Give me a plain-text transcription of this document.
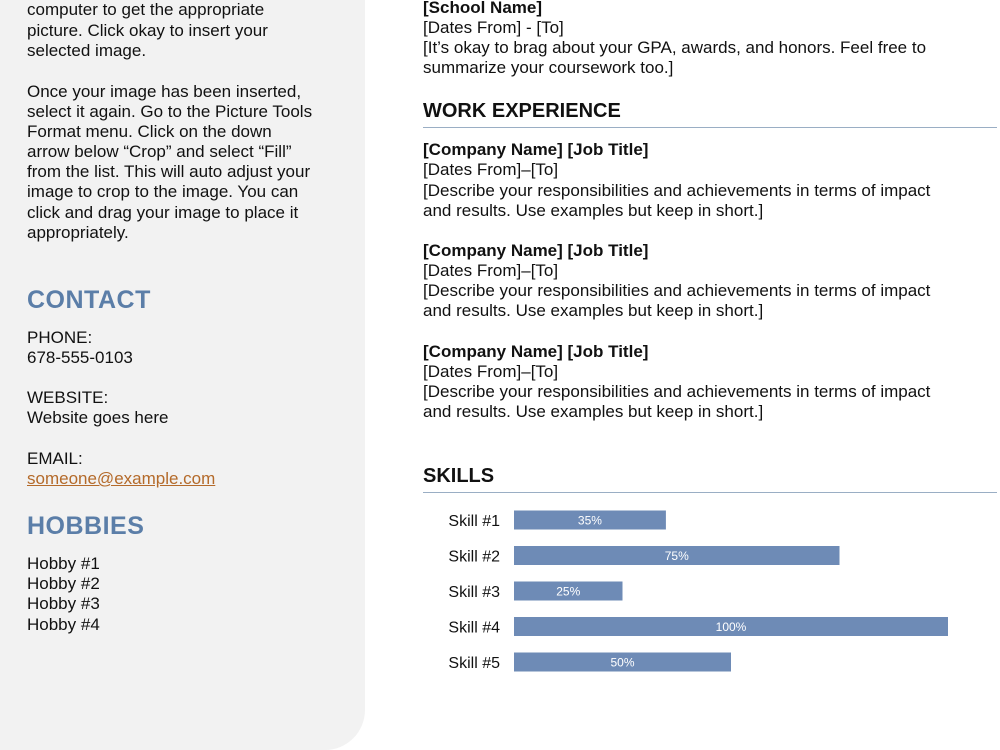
computer to get the appropriate
picture. Click okay to insert your
selected image.
Once your image has been inserted,
select it again. Go to the Picture Tools
Format menu. Click on the down
arrow below “Crop” and select “Fill”
from the list. This will auto adjust your
image to crop to the image. You can
click and drag your image to place it
appropriately.
CONTACT
PHONE:
678-555-0103
WEBSITE:
Website goes here
EMAIL:
someone@example.com
HOBBIES
Hobby #1
Hobby #2
Hobby #3
Hobby #4
[School Name]
[Dates From] - [To]
[It’s okay to brag about your GPA, awards, and honors. Feel free to
summarize your coursework too.]
WORK EXPERIENCE
[Company Name] [Job Title]
[Dates From]–[To]
[Describe your responsibilities and achievements in terms of impact
and results. Use examples but keep in short.]
[Company Name] [Job Title]
[Dates From]–[To]
[Describe your responsibilities and achievements in terms of impact
and results. Use examples but keep in short.]
[Company Name] [Job Title]
[Dates From]–[To]
[Describe your responsibilities and achievements in terms of impact
and results. Use examples but keep in short.]
SKILLS
Skill #1	35%
Skill #2	75%
Skill #3	25%
Skill #4	100%
Skill #5	50%
